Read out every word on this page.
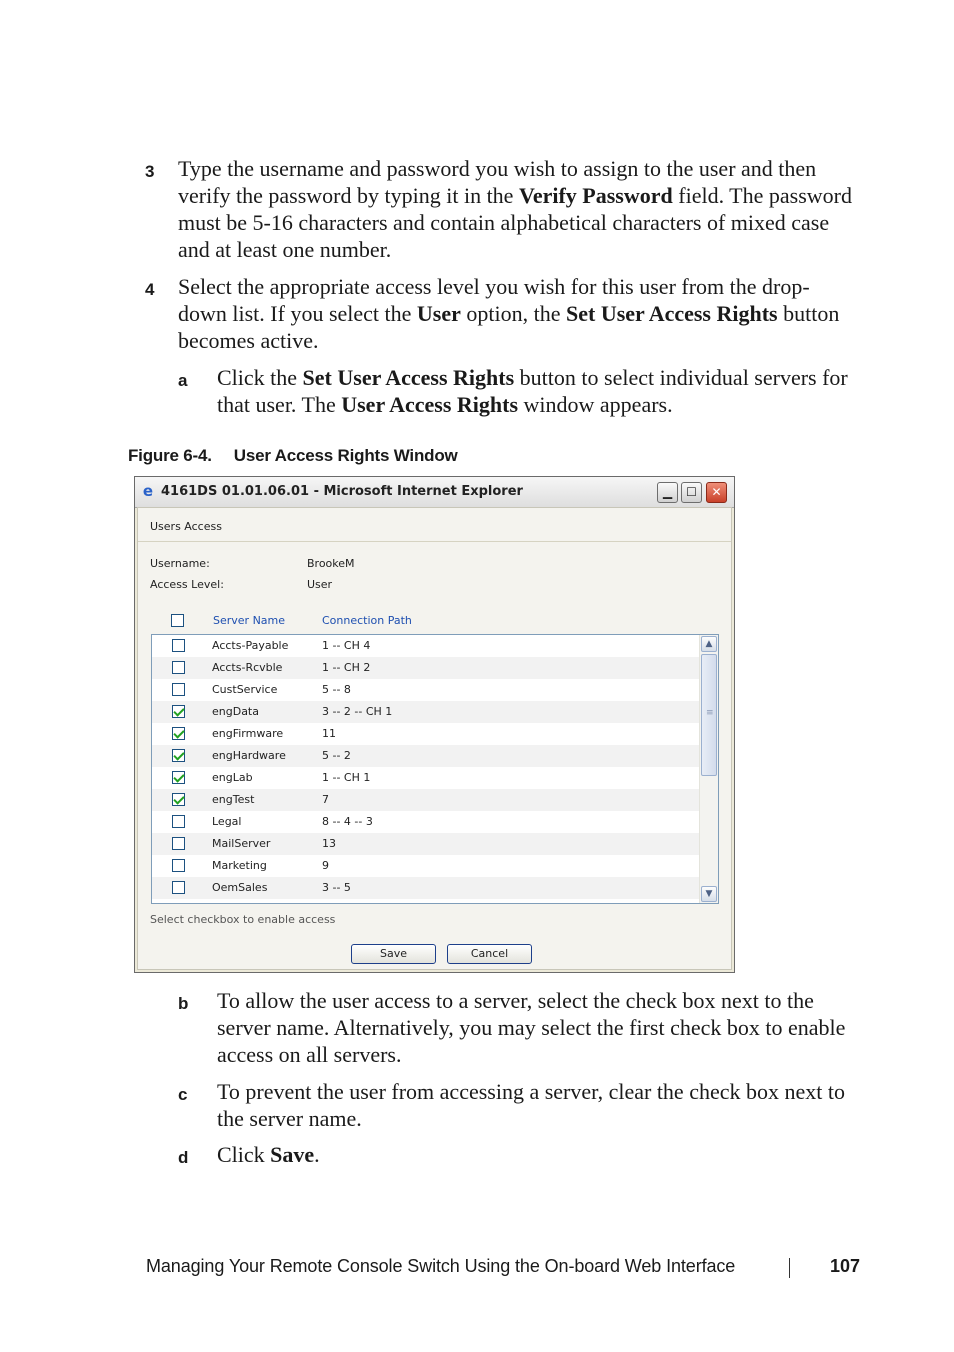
3 Type the username and password you wish to assign to the user and then verify the password by typing it in the Verify Password field. The password must be 5-16 characters and contain alphabetical characters of mixed case and at least one number.
4 Select the appropriate access level you wish for this user from the drop-down list. If you select the User option, the Set User Access Rights button becomes active.
a Click the Set User Access Rights button to select individual servers for that user. The User Access Rights window appears.
Figure 6-4. User Access Rights Window
e 4161DS 01.01.06.01 - Microsoft Internet Explorer	▁	☐	✕
Users Access
Username:	BrookeM
Access Level:	User
Server Name	Connection Path
Accts-Payable	1 -- CH 4
Accts-Rcvble	1 -- CH 2
CustService	5 -- 8
engData	3 -- 2 -- CH 1
engFirmware	11
engHardware	5 -- 2
engLab	1 -- CH 1
engTest	7
Legal	8 -- 4 -- 3
MailServer	13
Marketing	9
OemSales	3 -- 5
▲
≡
▼
Select checkbox to enable access
Save	Cancel
b To allow the user access to a server, select the check box next to the server name. Alternatively, you may select the first check box to enable access on all servers.
c To prevent the user from accessing a server, clear the check box next to the server name.
d Click Save.
Managing Your Remote Console Switch Using the On-board Web Interface	107
